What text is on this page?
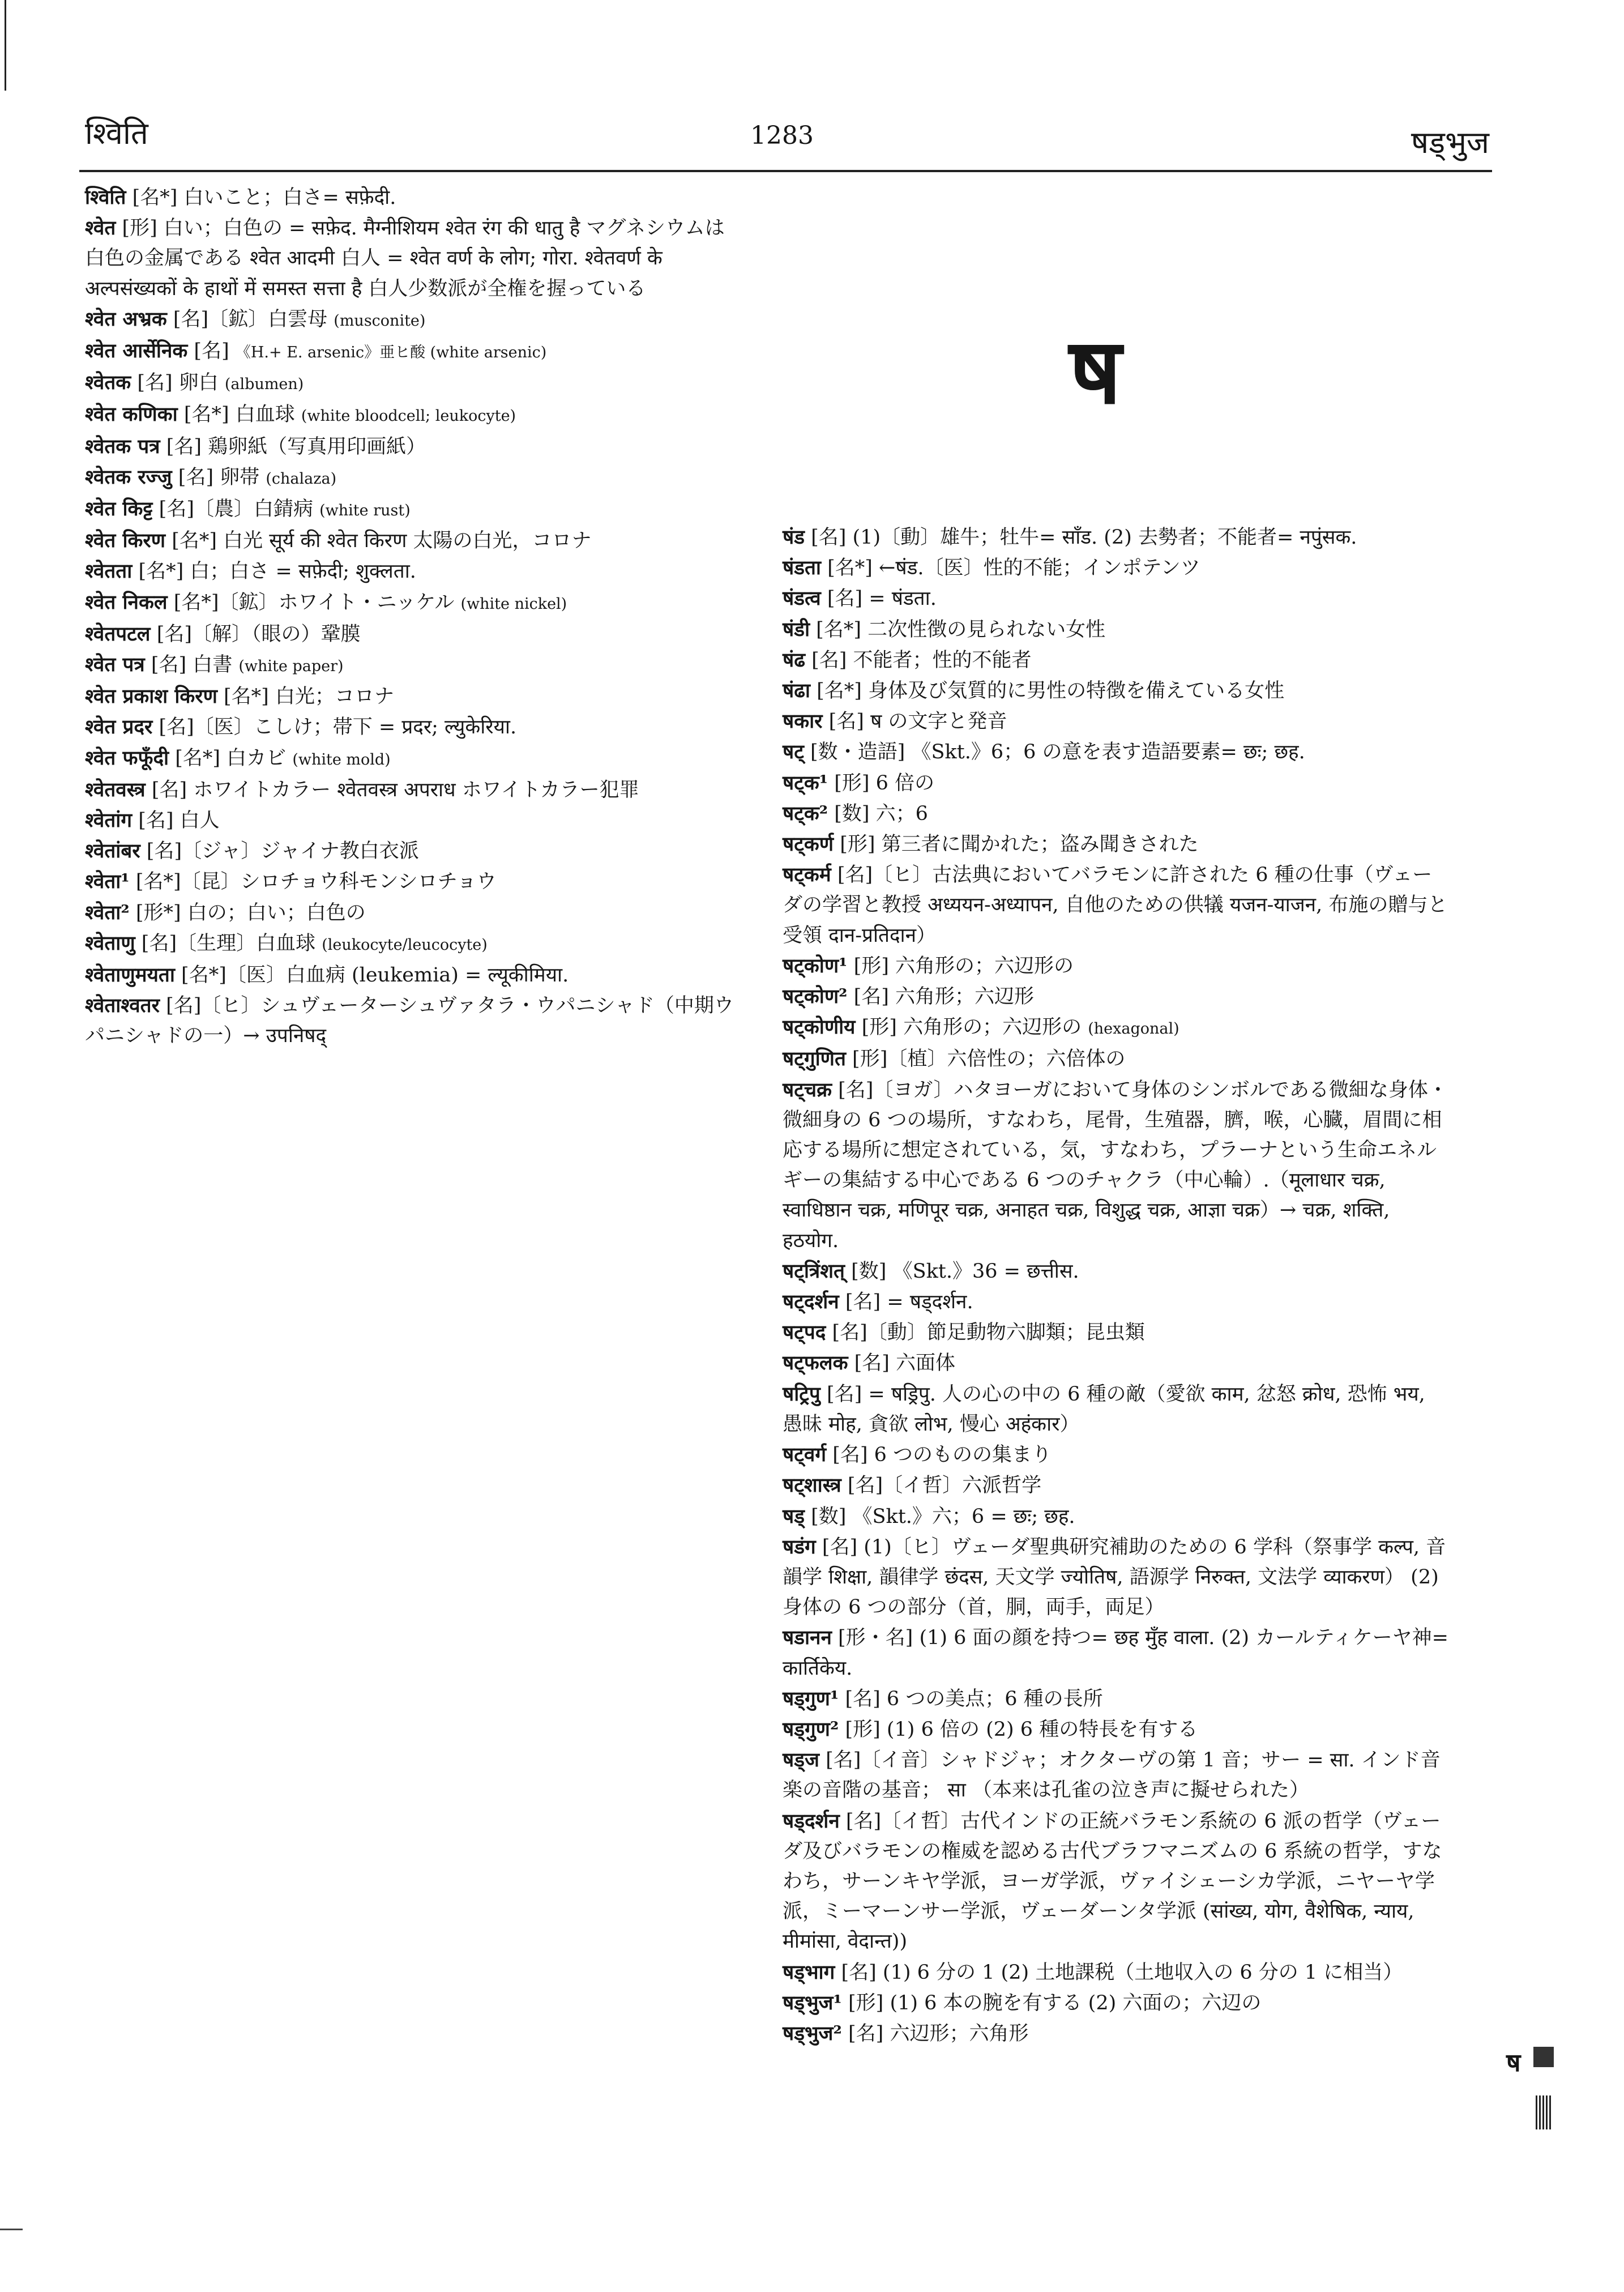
श्विति	1283	षड्भुज
श्विति [名*] 白いこと；白さ= सफ़ेदी.
श्वेत [形] 白い；白色の = सफ़ेद. मैग्नीशियम श्वेत रंग की धातु है マグネシウムは白色の金属である श्वेत आदमी 白人 = श्वेत वर्ण के लोग; गोरा. श्वेतवर्ण के अल्पसंख्यकों के हाथों में समस्त सत्ता है 白人少数派が全権を握っている
श्वेत अभ्रक [名]〔鉱〕白雲母 (musconite)
श्वेत आर्सेनिक [名] 《H.+ E. arsenic》亜ヒ酸 (white arsenic)
श्वेतक [名] 卵白 (albumen)
श्वेत कणिका [名*] 白血球 (white bloodcell; leukocyte)
श्वेतक पत्र [名] 鶏卵紙（写真用印画紙）
श्वेतक रज्जु [名] 卵帯 (chalaza)
श्वेत किट्ट [名]〔農〕白錆病 (white rust)
श्वेत किरण [名*] 白光 सूर्य की श्वेत किरण 太陽の白光，コロナ
श्वेतता [名*] 白；白さ = सफ़ेदी; शुक्लता.
श्वेत निकल [名*]〔鉱〕ホワイト・ニッケル (white nickel)
श्वेतपटल [名]〔解〕（眼の）鞏膜
श्वेत पत्र [名] 白書 (white paper)
श्वेत प्रकाश किरण [名*] 白光；コロナ
श्वेत प्रदर [名]〔医〕こしけ；帯下 = प्रदर; ल्युकेरिया.
श्वेत फफूँदी [名*] 白カビ (white mold)
श्वेतवस्त्र [名] ホワイトカラー श्वेतवस्त्र अपराध ホワイトカラー犯罪
श्वेतांग [名] 白人
श्वेतांबर [名]〔ジャ〕ジャイナ教白衣派
श्वेता¹ [名*]〔昆〕シロチョウ科モンシロチョウ
श्वेता² [形*] 白の；白い；白色の
श्वेताणु [名]〔生理〕白血球 (leukocyte/leucocyte)
श्वेताणुमयता [名*]〔医〕白血病 (leukemia) = ल्यूकीमिया.
श्वेताश्वतर [名]〔ヒ〕シュヴェーターシュヴァタラ・ウパニシャド（中期ウパニシャドの一）→ उपनिषद्
ष
षंड [名] (1)〔動〕雄牛；牡牛= साँड. (2) 去勢者；不能者= नपुंसक.
षंडता [名*] ←षंड.〔医〕性的不能；インポテンツ
षंडत्व [名] = षंडता.
षंडी [名*] 二次性徴の見られない女性
षंढ [名] 不能者；性的不能者
षंढा [名*] 身体及び気質的に男性の特徴を備えている女性
षकार [名] ष の文字と発音
षट् [数・造語] 《Skt.》6；6 の意を表す造語要素= छः; छह.
षट्क¹ [形] 6 倍の
षट्क² [数] 六；6
षट्कर्ण [形] 第三者に聞かれた；盗み聞きされた
षट्कर्म [名]〔ヒ〕古法典においてバラモンに許された 6 種の仕事（ヴェーダの学習と教授 अध्ययन-अध्यापन, 自他のための供犠 यजन-याजन, 布施の贈与と受領 दान-प्रतिदान）
षट्कोण¹ [形] 六角形の；六辺形の
षट्कोण² [名] 六角形；六辺形
षट्कोणीय [形] 六角形の；六辺形の (hexagonal)
षट्गुणित [形]〔植〕六倍性の；六倍体の
षट्चक्र [名]〔ヨガ〕ハタヨーガにおいて身体のシンボルである微細な身体・微細身の 6 つの場所，すなわち，尾骨，生殖器，臍，喉，心臓，眉間に相応する場所に想定されている，気，すなわち，プラーナという生命エネルギーの集結する中心である 6 つのチャクラ（中心輪）.（मूलाधार चक्र, स्वाधिष्ठान चक्र, मणिपूर चक्र, अनाहत चक्र, विशुद्ध चक्र, आज्ञा चक्र）→ चक्र, शक्ति, हठयोग.
षट्त्रिंशत् [数] 《Skt.》36 = छत्तीस.
षट्दर्शन [名] = षड्दर्शन.
षट्पद [名]〔動〕節足動物六脚類；昆虫類
षट्फलक [名] 六面体
षट्रिपु [名] = षड्रिपु. 人の心の中の 6 種の敵（愛欲 काम, 忿怒 क्रोध, 恐怖 भय, 愚昧 मोह, 貪欲 लोभ, 慢心 अहंकार）
षट्वर्ग [名] 6 つのものの集まり
षट्शास्त्र [名]〔イ哲〕六派哲学
षड् [数] 《Skt.》六；6 = छः; छह.
षडंग [名] (1)〔ヒ〕ヴェーダ聖典研究補助のための 6 学科（祭事学 कल्प, 音韻学 शिक्षा, 韻律学 छंदस, 天文学 ज्योतिष, 語源学 निरुक्त, 文法学 व्याकरण） (2) 身体の 6 つの部分（首，胴，両手，両足）
षडानन [形・名] (1) 6 面の顔を持つ= छह मुँह वाला. (2) カールティケーヤ神= कार्तिकेय.
षड्गुण¹ [名] 6 つの美点；6 種の長所
षड्गुण² [形] (1) 6 倍の (2) 6 種の特長を有する
षड्ज [名]〔イ音〕シャドジャ；オクターヴの第 1 音；サー = सा. インド音楽の音階の基音； सा （本来は孔雀の泣き声に擬せられた）
षड्दर्शन [名]〔イ哲〕古代インドの正統バラモン系統の 6 派の哲学（ヴェーダ及びバラモンの権威を認める古代ブラフマニズムの 6 系統の哲学，すなわち，サーンキヤ学派，ヨーガ学派，ヴァイシェーシカ学派，ニヤーヤ学派，ミーマーンサー学派，ヴェーダーンタ学派 (सांख्य, योग, वैशेषिक, न्याय, मीमांसा, वेदान्त))
षड्भाग [名] (1) 6 分の 1 (2) 土地課税（土地収入の 6 分の 1 に相当）
षड्भुज¹ [形] (1) 6 本の腕を有する (2) 六面の；六辺の
षड्भुज² [名] 六辺形；六角形
ष
